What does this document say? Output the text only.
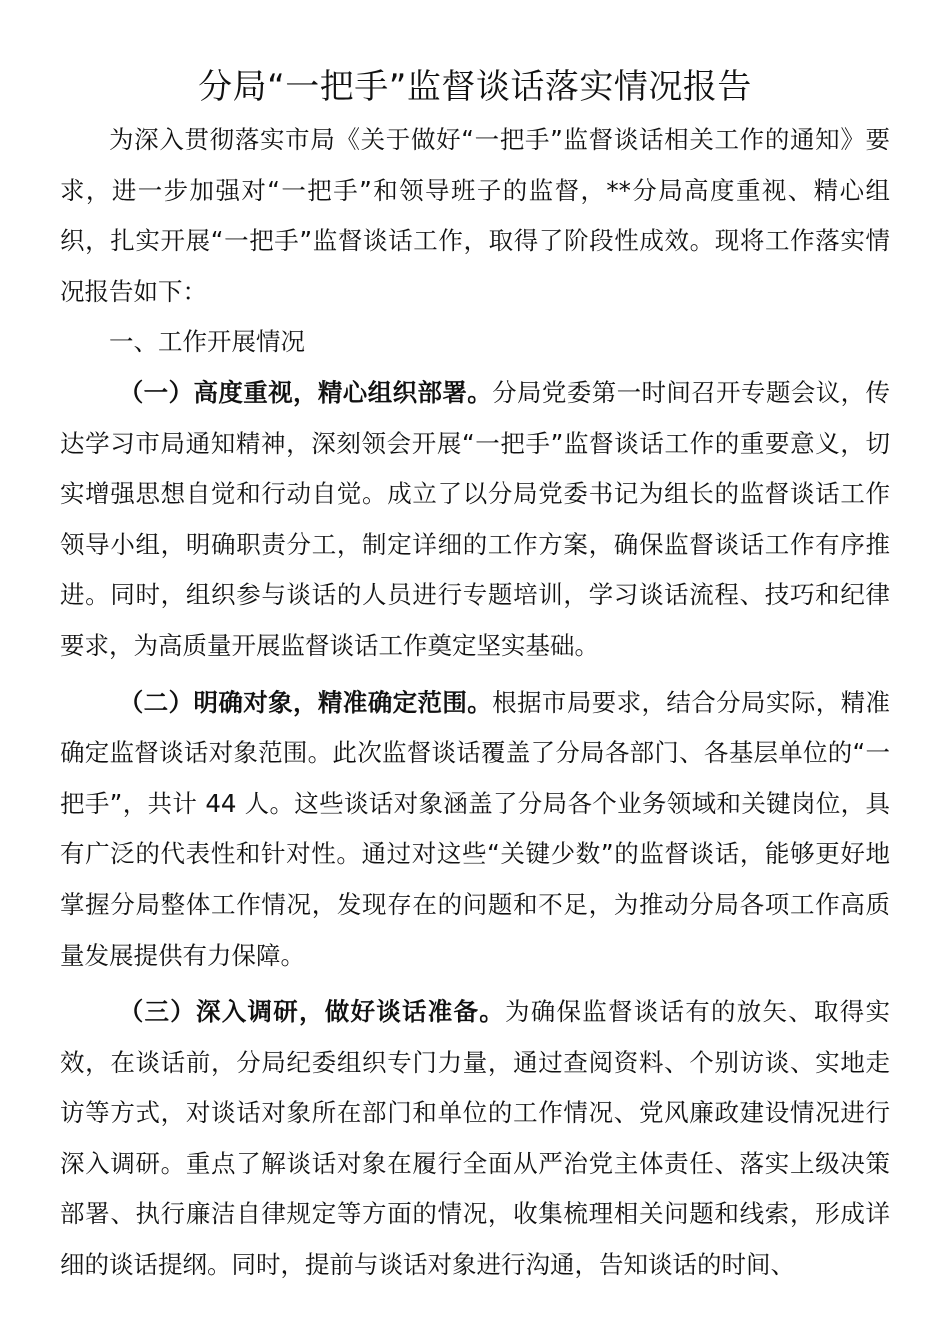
分局“一把手”监督谈话落实情况报告

为深入贯彻落实市局《关于做好“一把手”监督谈话相关工作的通知》要求，进一步加强对“一把手”和领导班子的监督，**分局高度重视、精心组织，扎实开展“一把手”监督谈话工作，取得了阶段性成效。现将工作落实情况报告如下：

一、工作开展情况

（一）高度重视，精心组织部署。分局党委第一时间召开专题会议，传达学习市局通知精神，深刻领会开展“一把手”监督谈话工作的重要意义，切实增强思想自觉和行动自觉。成立了以分局党委书记为组长的监督谈话工作领导小组，明确职责分工，制定详细的工作方案，确保监督谈话工作有序推进。同时，组织参与谈话的人员进行专题培训，学习谈话流程、技巧和纪律要求，为高质量开展监督谈话工作奠定坚实基础。

（二）明确对象，精准确定范围。根据市局要求，结合分局实际，精准确定监督谈话对象范围。此次监督谈话覆盖了分局各部门、各基层单位的“一把手”，共计 44 人。这些谈话对象涵盖了分局各个业务领域和关键岗位，具有广泛的代表性和针对性。通过对这些“关键少数”的监督谈话，能够更好地掌握分局整体工作情况，发现存在的问题和不足，为推动分局各项工作高质量发展提供有力保障。

（三）深入调研，做好谈话准备。为确保监督谈话有的放矢、取得实效，在谈话前，分局纪委组织专门力量，通过查阅资料、个别访谈、实地走访等方式，对谈话对象所在部门和单位的工作情况、党风廉政建设情况进行深入调研。重点了解谈话对象在履行全面从严治党主体责任、落实上级决策部署、执行廉洁自律规定等方面的情况，收集梳理相关问题和线索，形成详细的谈话提纲。同时，提前与谈话对象进行沟通，告知谈话的时间、
